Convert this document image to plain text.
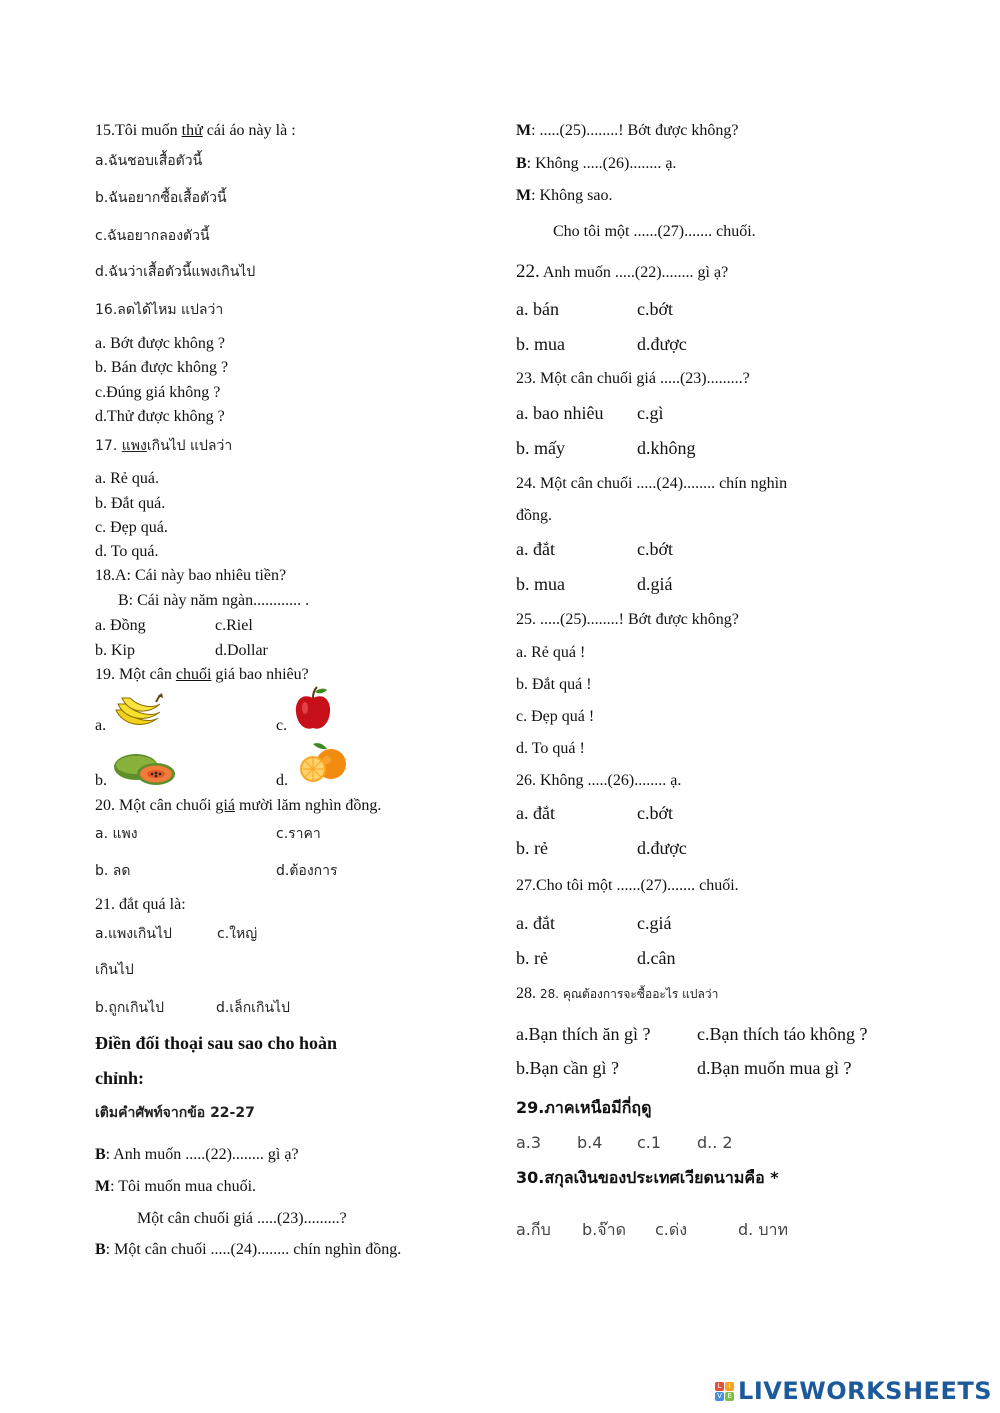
15.Tôi muốn thử cái áo này là :
a.ฉันชอบเสื้อตัวนี้
b.ฉันอยากซื้อเสื้อตัวนี้
c.ฉันอยากลองตัวนี้
d.ฉันว่าเสื้อตัวนี้แพงเกินไป
16.ลดได้ไหม แปลว่า
a. Bớt được không ?
b. Bán được không ?
c.Đúng giá không ?
d.Thử được không ?
17. แพงเกินไป แปลว่า
a. Rẻ quá.
b. Đắt quá.
c. Đẹp quá.
d. To quá.
18.A: Cái này bao nhiêu tiền?
B: Cái này năm ngàn............ .
a. Đồng	c.Riel
b. Kip	d.Dollar
19. Một cân chuối giá bao nhiêu?
a.	c.
b.	d.
20. Một cân chuối giá mười lăm nghìn đồng.
a. แพง	c.ราคา
b. ลด	d.ต้องการ
21. đắt quá là:
a.แพงเกินไป	c.ใหญ่
เกินไป
b.ถูกเกินไป	d.เล็กเกินไป
Điền đối thoại sau sao cho hoàn
chỉnh:
เติมคำศัพท์จากข้อ 22-27
B: Anh muốn .....(22)........ gì ạ?
M: Tôi muốn mua chuối.
Một cân chuối giá .....(23).........?
B: Một cân chuối .....(24)........ chín nghìn đồng.
M: .....(25)........! Bớt được không?
B: Không .....(26)........ ạ.
M: Không sao.
Cho tôi một ......(27)....... chuối.
22. Anh muốn .....(22)........ gì ạ?
a. bán	c.bớt
b. mua	d.được
23. Một cân chuối giá .....(23).........?
a. bao nhiêu c.gì
b. mấy	d.không
24. Một cân chuối .....(24)........ chín nghìn
đồng.
a. đắt	c.bớt
b. mua	d.giá
25. .....(25)........! Bớt được không?
a. Rẻ quá !
b. Đắt quá !
c. Đẹp quá !
d. To quá !
26. Không .....(26)........ ạ.
a. đắt	c.bớt
b. rẻ	d.được
27.Cho tôi một ......(27)....... chuối.
a. đắt	c.giá
b. rẻ	d.cân
28. 28. คุณต้องการจะซื้ออะไร แปลว่า
a.Bạn thích ăn gì ?	c.Bạn thích táo không ?
b.Bạn cần gì ?	d.Bạn muốn mua gì ?
29.ภาคเหนือมีกี่ฤดู
a.3 b.4 c.1 d.. 2
30.สกุลเงินของประเทศเวียดนามคือ *
a.กีบ b.จ๊าด c.ด่ง	d. บาท
L	I
V E LIVEWORKSHEETS
